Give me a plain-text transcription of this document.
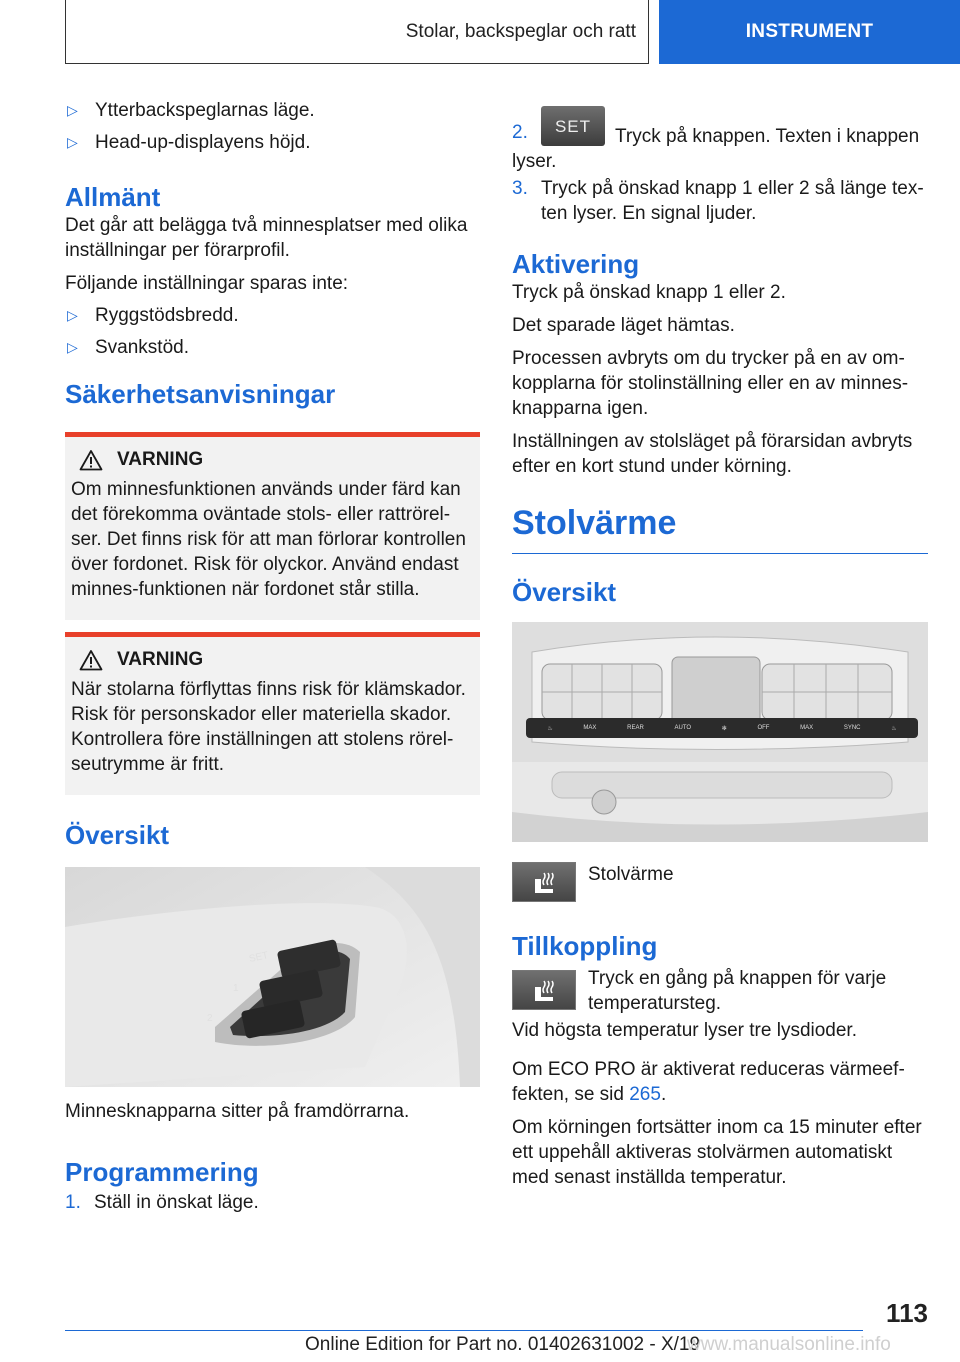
Stolar, backspeglar och ratt	INSTRUMENT
▷ Ytterbackspeglarnas läge.
▷ Head-up-displayens höjd.
Allmänt

Det går att belägga två minnesplatser med olika inställningar per förarprofil.

Följande inställningar sparas inte:

▷ Ryggstödsbredd.
▷ Svankstöd.
Säkerhetsanvisningar
VARNING

Om minnesfunktionen används under färd kan det förekomma oväntade stols- eller rattrörelser. Det finns risk för att man förlorar kontrollen över fordonet. Risk för olyckor. Använd endast minnes-funktionen när fordonet står stilla.

VARNING

När stolarna förflyttas finns risk för klämskador. Risk för personskador eller materiella skador. Kontrollera före inställningen att stolens rörelseutrymme är fritt.

Översikt
SET
1
2

Minnesknapparna sitter på framdörrarna.

Programmering
1. Ställ in önskat läge.
2.	SET	Tryck på knappen. Texten i knappen lyser.

3. Tryck på önskad knapp 1 eller 2 så länge texten lyser. En signal ljuder.
Aktivering

Tryck på önskad knapp 1 eller 2.

Det sparade läget hämtas.

Processen avbryts om du trycker på en av omkopplarna för stolinställning eller en av minnesknapparna igen.

Inställningen av stolsläget på förarsidan avbryts efter en kort stund under körning.

Stolvärme
Översikt
♨	MAX	REAR	AUTO	✻	OFF	MAX	SYNC	♨

Stolvärme

Tillkoppling

Tryck en gång på knappen för varje temperatursteg.

Vid högsta temperatur lyser tre lysdioder.

Om ECO PRO är aktiverat reduceras värmeeffekten, se sid 265.

Om körningen fortsätter inom ca 15 minuter efter ett uppehåll aktiveras stolvärmen automatiskt med senast inställda temperatur.

113
Online Edition for Part no. 01402631002 - X/19
www.manualsonline.info
